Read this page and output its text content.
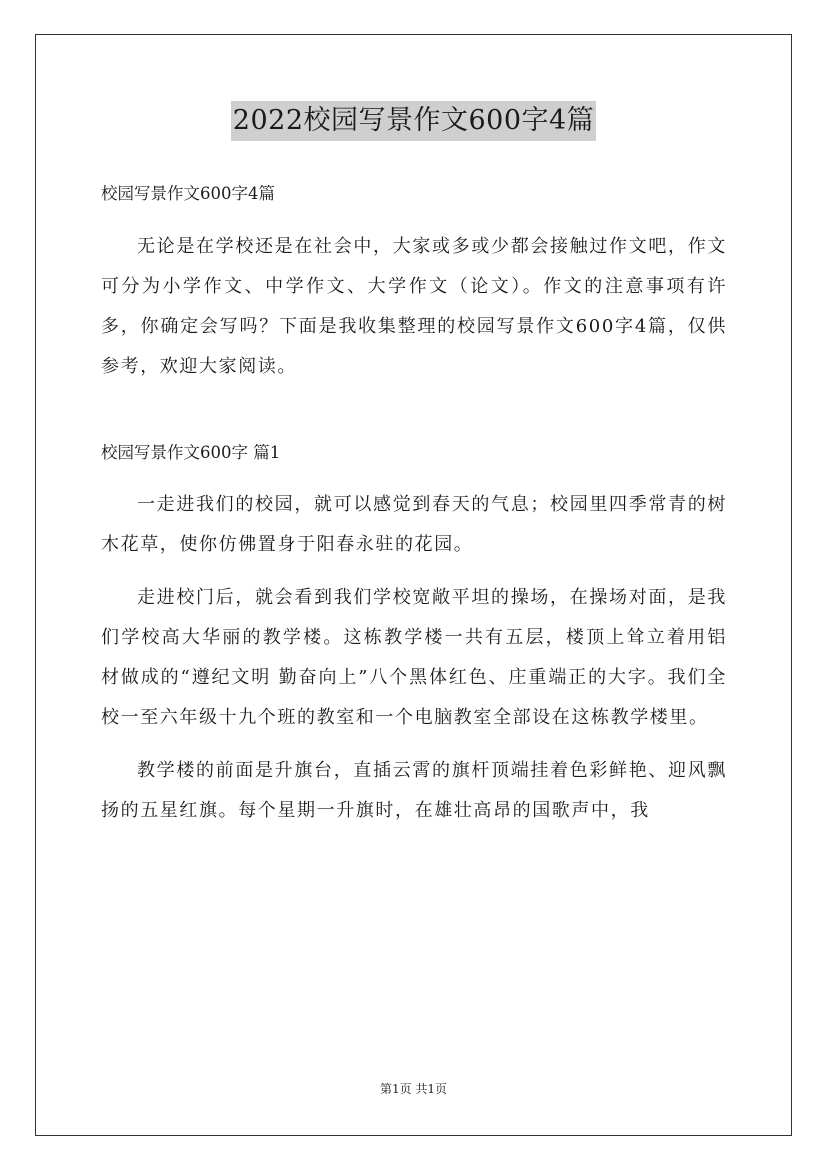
2022校园写景作文600字4篇

校园写景作文600字4篇

无论是在学校还是在社会中，大家或多或少都会接触过作文吧，作文可分为小学作文、中学作文、大学作文（论文）。作文的注意事项有许多，你确定会写吗？下面是我收集整理的校园写景作文600字4篇，仅供参考，欢迎大家阅读。

校园写景作文600字 篇1

一走进我们的校园，就可以感觉到春天的气息；校园里四季常青的树木花草，使你仿佛置身于阳春永驻的花园。

走进校门后，就会看到我们学校宽敞平坦的操场，在操场对面，是我们学校高大华丽的教学楼。这栋教学楼一共有五层，楼顶上耸立着用铝材做成的“遵纪文明 勤奋向上”八个黑体红色、庄重端正的大字。我们全校一至六年级十九个班的教室和一个电脑教室全部设在这栋教学楼里。

教学楼的前面是升旗台，直插云霄的旗杆顶端挂着色彩鲜艳、迎风飘扬的五星红旗。每个星期一升旗时，在雄壮高昂的国歌声中，我

第1页 共1页
